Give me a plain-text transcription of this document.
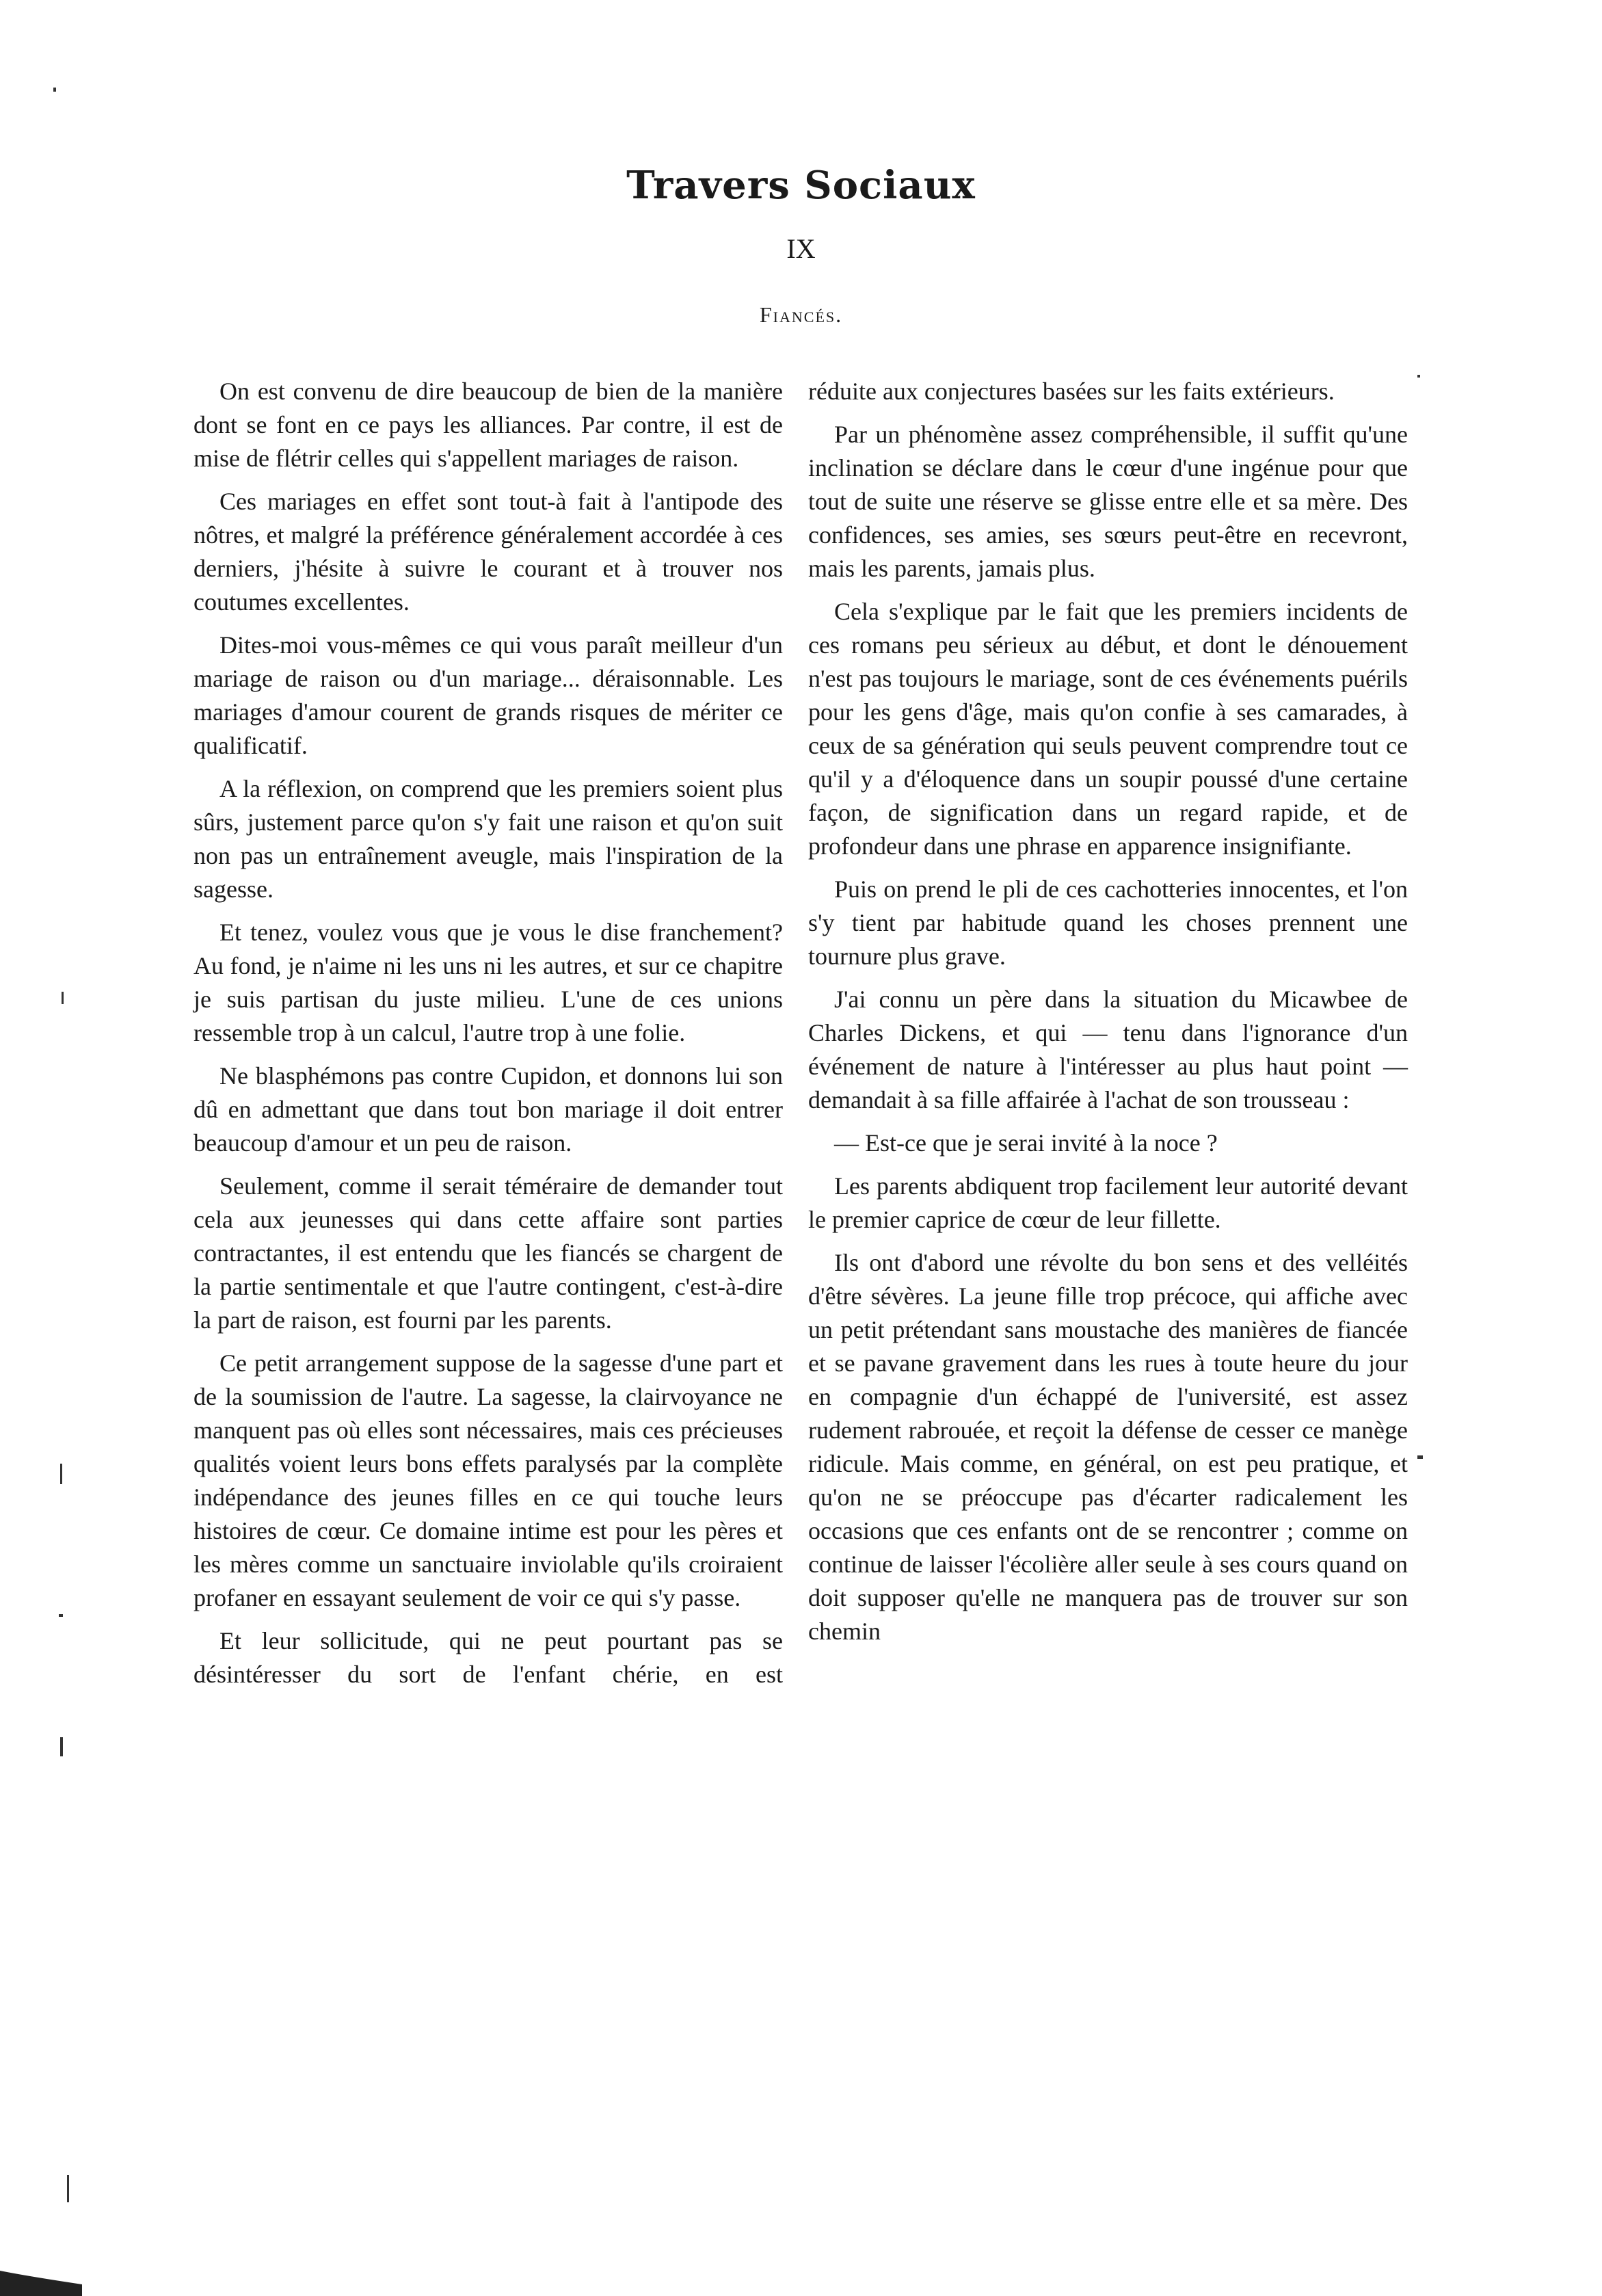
Travers Sociaux
IX
Fiancés.

On est convenu de dire beaucoup de bien de la manière dont se font en ce pays les alliances. Par contre, il est de mise de flétrir celles qui s'appellent mariages de raison.

Ces mariages en effet sont tout-à fait à l'antipode des nôtres, et malgré la préférence généralement accordée à ces derniers, j'hésite à suivre le courant et à trouver nos coutumes excellentes.

Dites-moi vous-mêmes ce qui vous paraît meilleur d'un mariage de raison ou d'un mariage... déraisonnable. Les mariages d'amour courent de grands risques de mériter ce qualificatif.

A la réflexion, on comprend que les premiers soient plus sûrs, justement parce qu'on s'y fait une raison et qu'on suit non pas un entraînement aveugle, mais l'inspiration de la sagesse.

Et tenez, voulez vous que je vous le dise franchement? Au fond, je n'aime ni les uns ni les autres, et sur ce chapitre je suis partisan du juste milieu. L'une de ces unions ressemble trop à un calcul, l'autre trop à une folie.

Ne blasphémons pas contre Cupidon, et donnons lui son dû en admettant que dans tout bon mariage il doit entrer beaucoup d'amour et un peu de raison.

Seulement, comme il serait téméraire de demander tout cela aux jeunesses qui dans cette affaire sont parties contractantes, il est entendu que les fiancés se chargent de la partie sentimentale et que l'autre contingent, c'est-à-dire la part de raison, est fourni par les parents.

Ce petit arrangement suppose de la sagesse d'une part et de la soumission de l'autre. La sagesse, la clairvoyance ne manquent pas où elles sont nécessaires, mais ces précieuses qualités voient leurs bons effets paralysés par la complète indépendance des jeunes filles en ce qui touche leurs histoires de cœur. Ce domaine intime est pour les pères et les mères comme un sanctuaire inviolable qu'ils croiraient profaner en essayant seulement de voir ce qui s'y passe.

Et leur sollicitude, qui ne peut pourtant pas se désintéresser du sort de l'enfant chérie, en est

réduite aux conjectures basées sur les faits extérieurs.

Par un phénomène assez compréhensible, il suffit qu'une inclination se déclare dans le cœur d'une ingénue pour que tout de suite une réserve se glisse entre elle et sa mère. Des confidences, ses amies, ses sœurs peut-être en recevront, mais les parents, jamais plus.

Cela s'explique par le fait que les premiers incidents de ces romans peu sérieux au début, et dont le dénouement n'est pas toujours le mariage, sont de ces événements puérils pour les gens d'âge, mais qu'on confie à ses camarades, à ceux de sa génération qui seuls peuvent comprendre tout ce qu'il y a d'éloquence dans un soupir poussé d'une certaine façon, de signification dans un regard rapide, et de profondeur dans une phrase en apparence insignifiante.

Puis on prend le pli de ces cachotteries innocentes, et l'on s'y tient par habitude quand les choses prennent une tournure plus grave.

J'ai connu un père dans la situation du Micawbee de Charles Dickens, et qui — tenu dans l'ignorance d'un événement de nature à l'intéresser au plus haut point — demandait à sa fille affairée à l'achat de son trousseau :

— Est-ce que je serai invité à la noce ?

Les parents abdiquent trop facilement leur autorité devant le premier caprice de cœur de leur fillette.

Ils ont d'abord une révolte du bon sens et des velléités d'être sévères. La jeune fille trop précoce, qui affiche avec un petit prétendant sans moustache des manières de fiancée et se pavane gravement dans les rues à toute heure du jour en compagnie d'un échappé de l'université, est assez rudement rabrouée, et reçoit la défense de cesser ce manège ridicule. Mais comme, en général, on est peu pratique, et qu'on ne se préoccupe pas d'écarter radicalement les occasions que ces enfants ont de se rencontrer ; comme on continue de laisser l'écolière aller seule à ses cours quand on doit supposer qu'elle ne manquera pas de trouver sur son chemin
